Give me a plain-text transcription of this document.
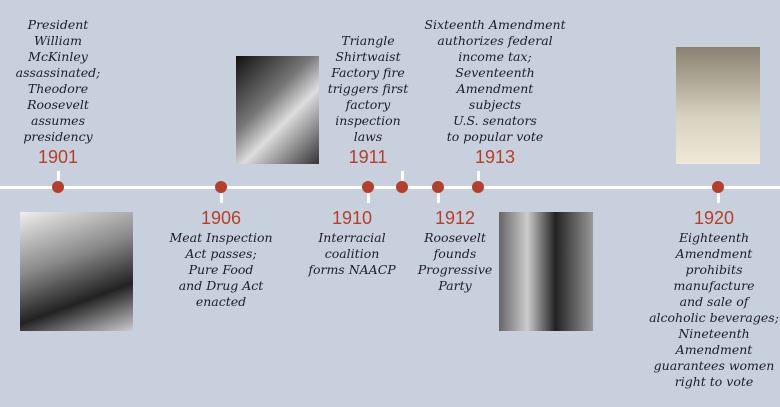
President
William
McKinley
assassinated;
Theodore
Roosevelt
assumes
presidency
1901
Triangle
Shirtwaist
Factory fire
triggers first
factory
inspection
laws
1911
Sixteenth Amendment
authorizes federal
income tax;
Seventeenth
Amendment
subjects
U.S. senators
to popular vote
1913
1906
Meat Inspection
Act passes;
Pure Food
and Drug Act
enacted
1910
Interracial
coalition
forms NAACP
1912
Roosevelt
founds
Progressive
Party
1920
Eighteenth
Amendment
prohibits
manufacture
and sale of
alcoholic beverages;
Nineteenth
Amendment
guarantees women
right to vote
